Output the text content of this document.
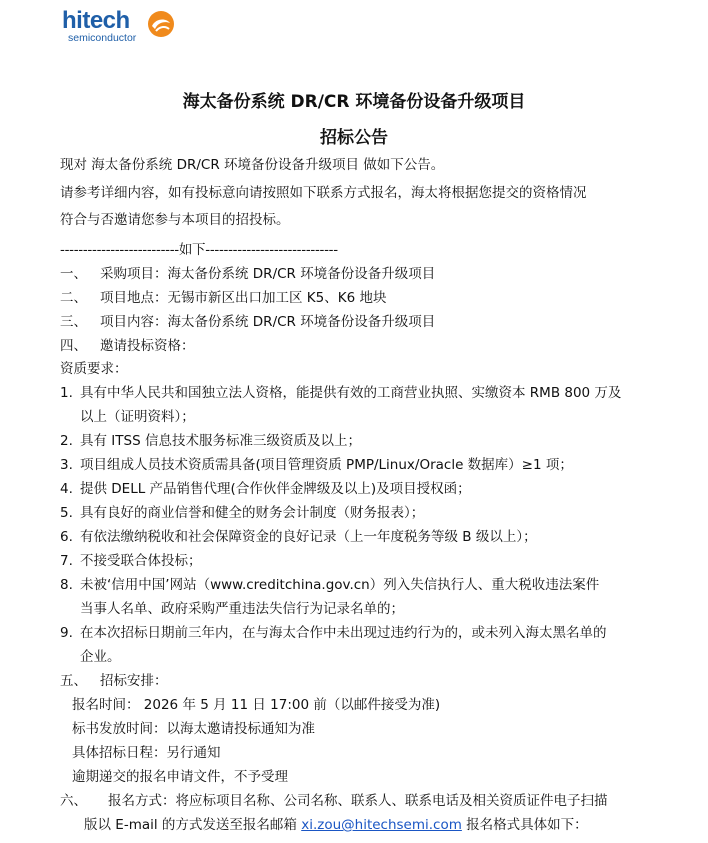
hitech
semiconductor
海太备份系统 DR/CR 环境备份设备升级项目
招标公告
现对 海太备份系统 DR/CR 环境备份设备升级项目 做如下公告。
请参考详细内容，如有投标意向请按照如下联系方式报名，海太将根据您提交的资格情况
符合与否邀请您参与本项目的招投标。
--------------------------如下-----------------------------
一、 采购项目：海太备份系统 DR/CR 环境备份设备升级项目
二、 项目地点：无锡市新区出口加工区 K5、K6 地块
三、 项目内容：海太备份系统 DR/CR 环境备份设备升级项目
四、 邀请投标资格：
资质要求：
1. 具有中华人民共和国独立法人资格，能提供有效的工商营业执照、实缴资本 RMB 800 万及
以上（证明资料）；
2. 具有 ITSS 信息技术服务标准三级资质及以上；
3. 项目组成人员技术资质需具备(项目管理资质 PMP/Linux/Oracle 数据库）≥1 项；
4. 提供 DELL 产品销售代理(合作伙伴金牌级及以上)及项目授权函；
5. 具有良好的商业信誉和健全的财务会计制度（财务报表）；
6. 有依法缴纳税收和社会保障资金的良好记录（上一年度税务等级 B 级以上）；
7. 不接受联合体投标；
8. 未被‘信用中国’网站（www.creditchina.gov.cn）列入失信执行人、重大税收违法案件
当事人名单、政府采购严重违法失信行为记录名单的；
9. 在本次招标日期前三年内，在与海太合作中未出现过违约行为的，或未列入海太黑名单的
企业。
五、 招标安排：
报名时间： 2026 年 5 月 11 日 17:00 前（以邮件接受为准)
标书发放时间：以海太邀请投标通知为准
具体招标日程：另行通知
逾期递交的报名申请文件，不予受理
六、 报名方式：将应标项目名称、公司名称、联系人、联系电话及相关资质证件电子扫描
版以 E-mail 的方式发送至报名邮箱 xi.zou@hitechsemi.com 报名格式具体如下：
